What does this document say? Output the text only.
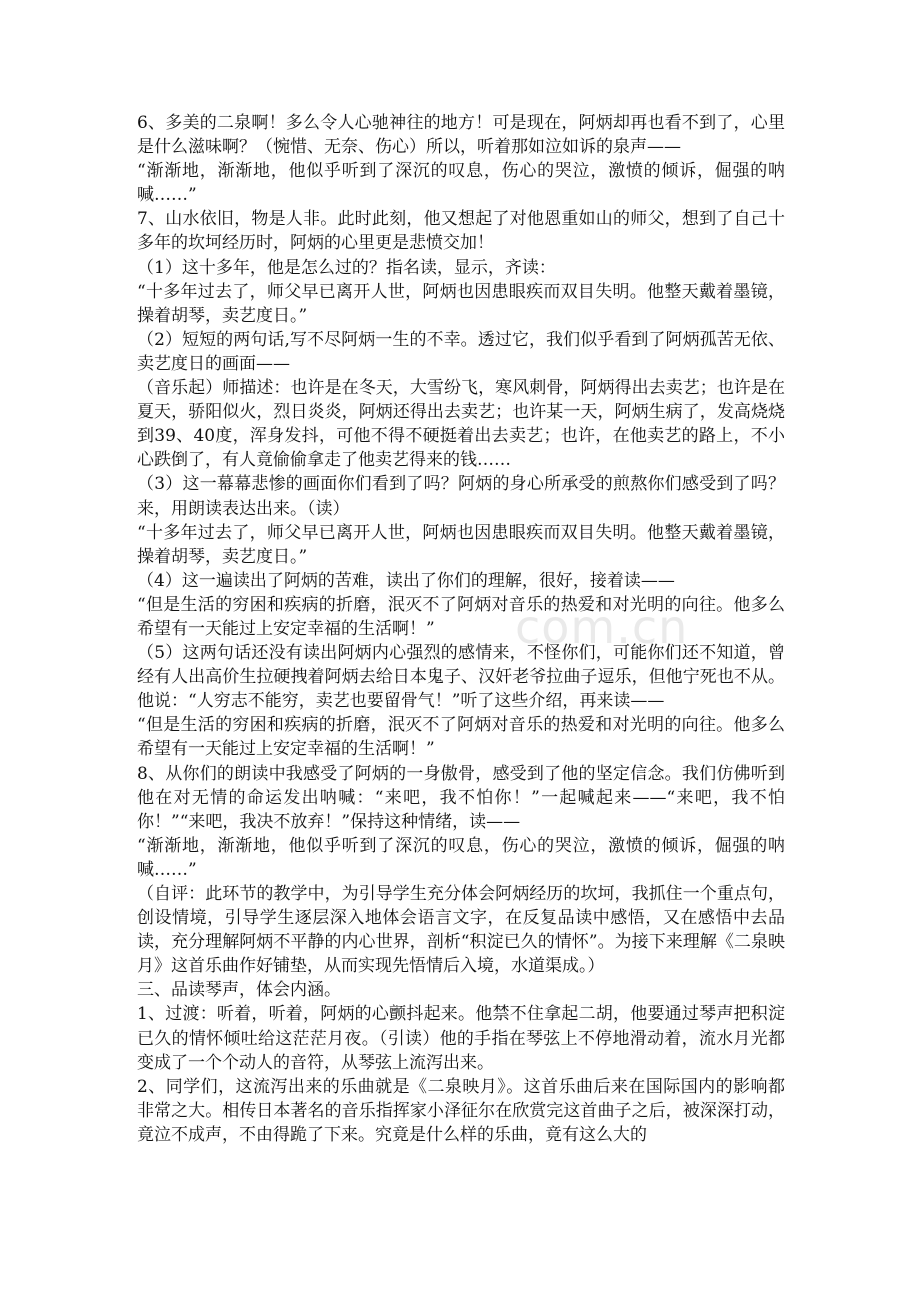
6、多美的二泉啊！多么令人心驰神往的地方！可是现在，阿炳却再也看不到了，心里是什么滋味啊？（惋惜、无奈、伤心）所以，听着那如泣如诉的泉声——

“渐渐地，渐渐地，他似乎听到了深沉的叹息，伤心的哭泣，激愤的倾诉，倔强的呐喊……”

7、山水依旧，物是人非。此时此刻，他又想起了对他恩重如山的师父，想到了自己十多年的坎坷经历时，阿炳的心里更是悲愤交加！

（1）这十多年，他是怎么过的？指名读，显示，齐读：

“十多年过去了，师父早已离开人世，阿炳也因患眼疾而双目失明。他整天戴着墨镜，操着胡琴，卖艺度日。”

（2）短短的两句话,写不尽阿炳一生的不幸。透过它，我们似乎看到了阿炳孤苦无依、卖艺度日的画面——

（音乐起）师描述：也许是在冬天，大雪纷飞，寒风刺骨，阿炳得出去卖艺；也许是在夏天，骄阳似火，烈日炎炎，阿炳还得出去卖艺；也许某一天，阿炳生病了，发高烧烧到39、40度，浑身发抖，可他不得不硬挺着出去卖艺；也许，在他卖艺的路上，不小心跌倒了，有人竟偷偷拿走了他卖艺得来的钱……

（3）这一幕幕悲惨的画面你们看到了吗？阿炳的身心所承受的煎熬你们感受到了吗？来，用朗读表达出来。（读）

“十多年过去了，师父早已离开人世，阿炳也因患眼疾而双目失明。他整天戴着墨镜，操着胡琴，卖艺度日。”

（4）这一遍读出了阿炳的苦难，读出了你们的理解，很好，接着读——

“但是生活的穷困和疾病的折磨，泯灭不了阿炳对音乐的热爱和对光明的向往。他多么希望有一天能过上安定幸福的生活啊！”

（5）这两句话还没有读出阿炳内心强烈的感情来，不怪你们，可能你们还不知道，曾经有人出高价生拉硬拽着阿炳去给日本鬼子、汉奸老爷拉曲子逗乐，但他宁死也不从。他说：“人穷志不能穷，卖艺也要留骨气！”听了这些介绍，再来读——

“但是生活的穷困和疾病的折磨，泯灭不了阿炳对音乐的热爱和对光明的向往。他多么希望有一天能过上安定幸福的生活啊！”

8、从你们的朗读中我感受了阿炳的一身傲骨，感受到了他的坚定信念。我们仿佛听到他在对无情的命运发出呐喊：“来吧，我不怕你！”一起喊起来——“来吧，我不怕你！”“来吧，我决不放弃！”保持这种情绪，读——

“渐渐地，渐渐地，他似乎听到了深沉的叹息，伤心的哭泣，激愤的倾诉，倔强的呐喊……”

（自评：此环节的教学中，为引导学生充分体会阿炳经历的坎坷，我抓住一个重点句，创设情境，引导学生逐层深入地体会语言文字，在反复品读中感悟，又在感悟中去品读，充分理解阿炳不平静的内心世界，剖析“积淀已久的情怀”。为接下来理解《二泉映月》这首乐曲作好铺垫，从而实现先悟情后入境，水道渠成。）

三、品读琴声，体会内涵。

1、过渡：听着，听着，阿炳的心颤抖起来。他禁不住拿起二胡，他要通过琴声把积淀已久的情怀倾吐给这茫茫月夜。（引读）他的手指在琴弦上不停地滑动着，流水月光都变成了一个个动人的音符，从琴弦上流泻出来。

2、同学们，这流泻出来的乐曲就是《二泉映月》。这首乐曲后来在国际国内的影响都非常之大。相传日本著名的音乐指挥家小泽征尔在欣赏完这首曲子之后，被深深打动，竟泣不成声，不由得跪了下来。究竟是什么样的乐曲，竟有这么大的

com.cn
